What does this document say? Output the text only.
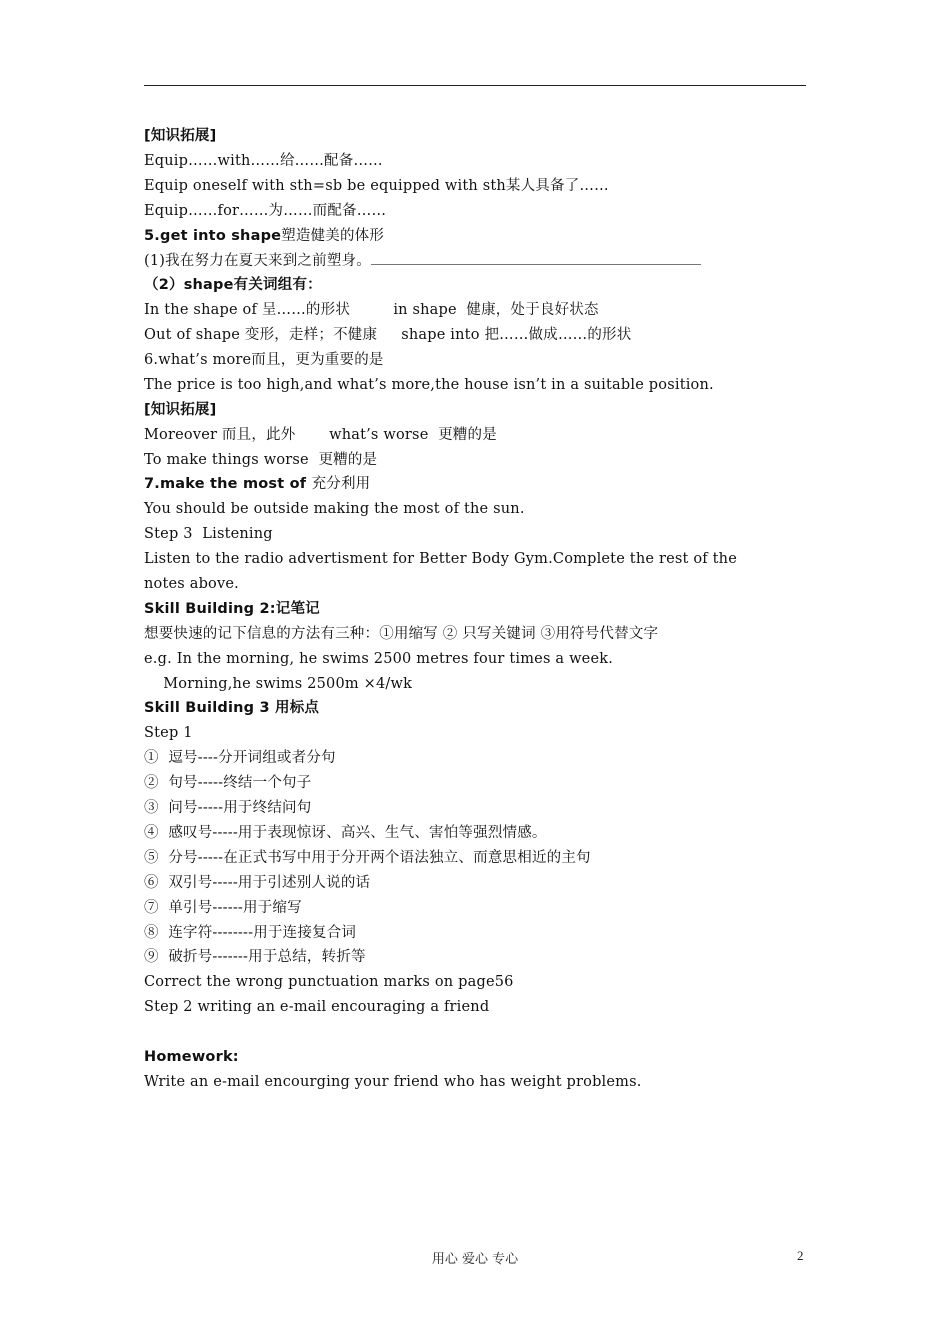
[知识拓展]
Equip……with……给……配备……
Equip oneself with sth=sb be equipped with sth某人具备了……
Equip……for……为……而配备……
5.get into shape塑造健美的体形
(1)我在努力在夏天来到之前塑身。
（2）shape有关词组有：
In the shape of 呈……的形状         in shape  健康，处于良好状态
Out of shape 变形，走样；不健康     shape into 把……做成……的形状
6.what’s more而且，更为重要的是
The price is too high,and what’s more,the house isn’t in a suitable position.
[知识拓展]
Moreover 而且，此外       what’s worse  更糟的是
To make things worse  更糟的是
7.make the most of 充分利用
You should be outside making the most of the sun.
Step 3  Listening
Listen to the radio advertisment for Better Body Gym.Complete the rest of the
notes above.
Skill Building 2:记笔记
想要快速的记下信息的方法有三种：①用缩写 ② 只写关键词 ③用符号代替文字
e.g. In the morning, he swims 2500 metres four times a week.
Morning,he swims 2500m ×4/wk
Skill Building 3 用标点
Step 1
①  逗号----分开词组或者分句
②  句号-----终结一个句子
③  问号-----用于终结问句
④  感叹号-----用于表现惊讶、高兴、生气、害怕等强烈情感。
⑤  分号-----在正式书写中用于分开两个语法独立、而意思相近的主句
⑥  双引号-----用于引述别人说的话
⑦  单引号------用于缩写
⑧  连字符--------用于连接复合词
⑨  破折号-------用于总结，转折等
Correct the wrong punctuation marks on page56
Step 2 writing an e-mail encouraging a friend
Homework:
Write an e-mail encourging your friend who has weight problems.
用心 爱心 专心	2
